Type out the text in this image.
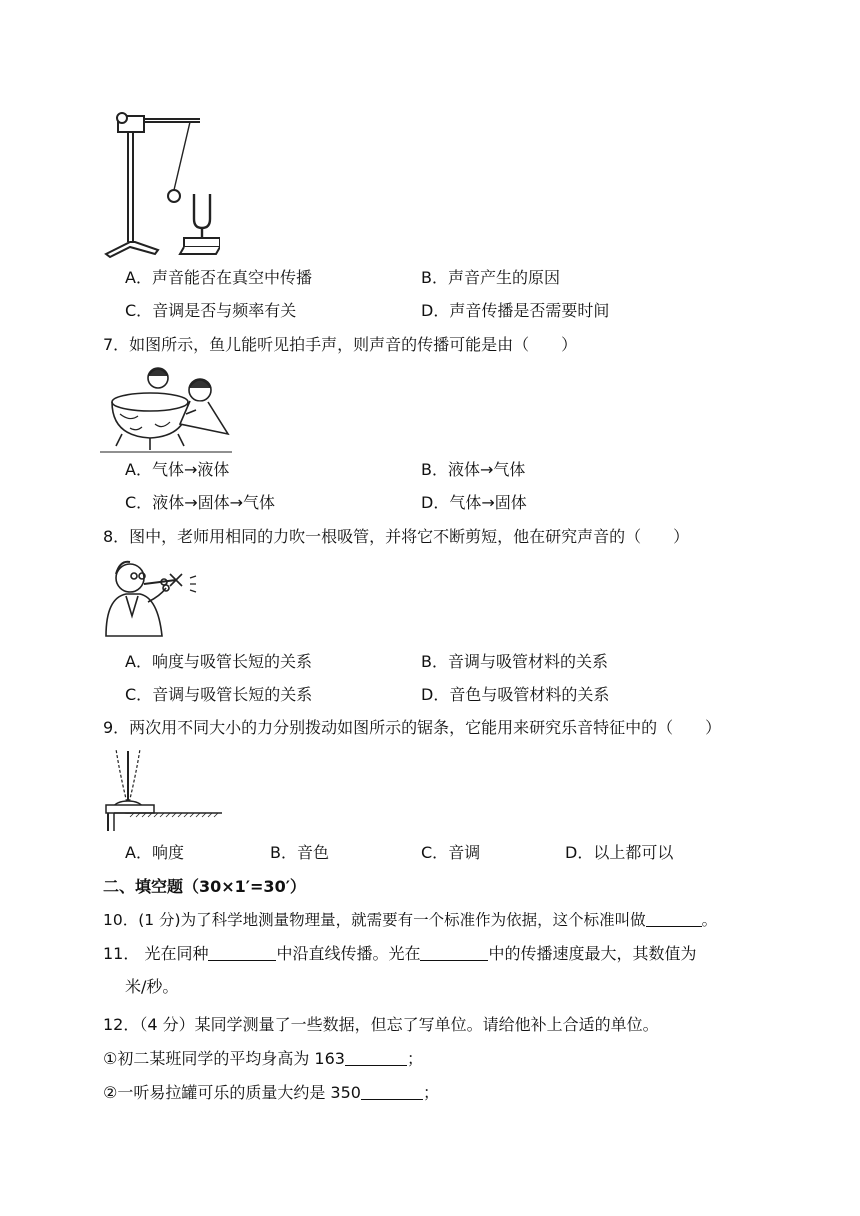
A．声音能否在真空中传播	B．声音产生的原因
C．音调是否与频率有关	D．声音传播是否需要时间
7．如图所示，鱼儿能听见拍手声，则声音的传播可能是由（　　）
A．气体→液体	B．液体→气体
C．液体→固体→气体	D．气体→固体
8．图中，老师用相同的力吹一根吸管，并将它不断剪短，他在研究声音的（　　）
A．响度与吸管长短的关系	B．音调与吸管材料的关系
C．音调与吸管长短的关系	D．音色与吸管材料的关系
9．两次用不同大小的力分别拨动如图所示的锯条，它能用来研究乐音特征中的（　　）
A．响度	B．音色	C．音调	D．以上都可以
二、填空题（30×1′=30′）
10．(1 分)为了科学地测量物理量，就需要有一个标准作为依据，这个标准叫做	。
11． 光在同种	中沿直线传播。光在	中的传播速度最大，其数值为
米/秒。
12．（4 分）某同学测量了一些数据，但忘了写单位。请给他补上合适的单位。
①初二某班同学的平均身高为 163	；
②一听易拉罐可乐的质量大约是 350	；
